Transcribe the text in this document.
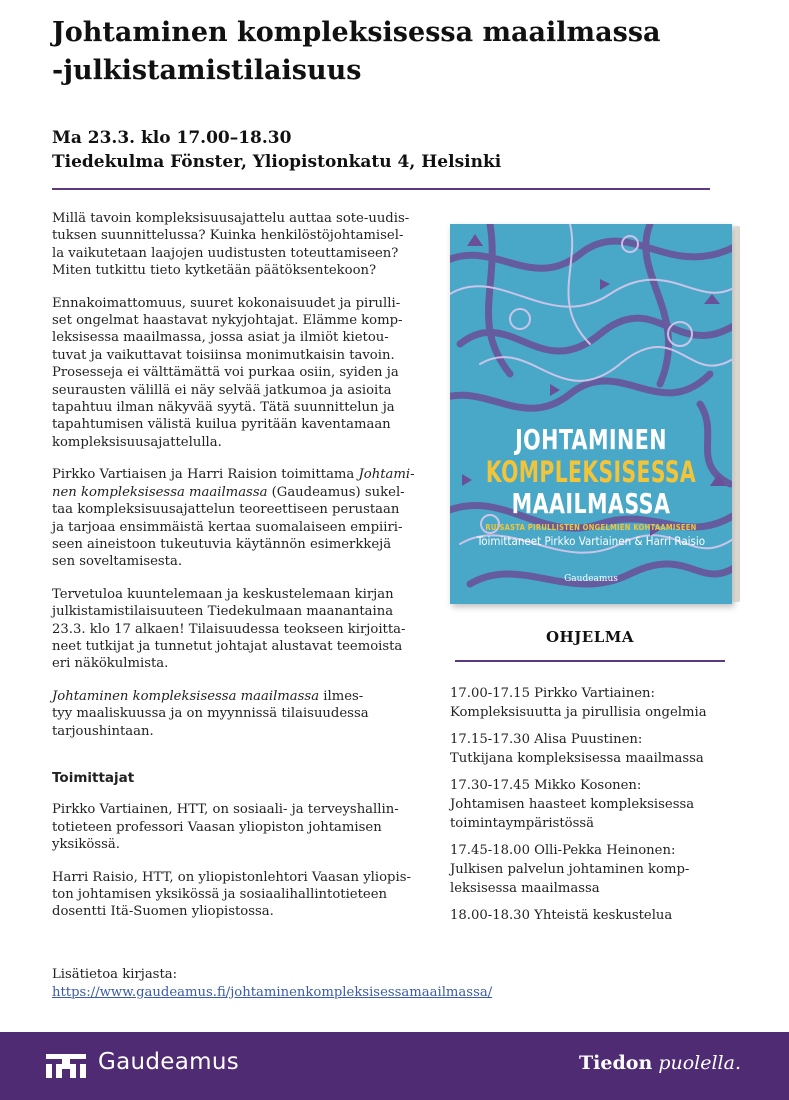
Johtaminen kompleksisessa maailmassa
-julkistamistilaisuus
Ma 23.3. klo 17.00–18.30
Tiedekulma Fönster, Yliopistonkatu 4, Helsinki

Millä tavoin kompleksisuusajattelu auttaa sote-uudis-
tuksen suunnittelussa? Kuinka henkilöstöjohtamisel-
la vaikutetaan laajojen uudistusten toteuttamiseen?
Miten tutkittu tieto kytketään päätöksentekoon?

Ennakoimattomuus, suuret kokonaisuudet ja pirulli-
set ongelmat haastavat nykyjohtajat. Elämme komp-
leksisessa maailmassa, jossa asiat ja ilmiöt kietou-
tuvat ja vaikuttavat toisiinsa monimutkaisin tavoin.
Prosesseja ei välttämättä voi purkaa osiin, syiden ja
seurausten välillä ei näy selvää jatkumoa ja asioita
tapahtuu ilman näkyvää syytä. Tätä suunnittelun ja
tapahtumisen välistä kuilua pyritään kaventamaan
kompleksisuusajattelulla.

Pirkko Vartiaisen ja Harri Raision toimittama Johtami-
nen kompleksisessa maailmassa (Gaudeamus) sukel-
taa kompleksisuusajattelun teoreettiseen perustaan
ja tarjoaa ensimmäistä kertaa suomalaiseen empiiri-
seen aineistoon tukeutuvia käytännön esimerkkejä
sen soveltamisesta.

Tervetuloa kuuntelemaan ja keskustelemaan kirjan
julkistamistilaisuuteen Tiedekulmaan maanantaina
23.3. klo 17 alkaen! Tilaisuudessa teokseen kirjoitta-
neet tutkijat ja tunnetut johtajat alustavat teemoista
eri näkökulmista.

Johtaminen kompleksisessa maailmassa ilmes-
tyy maaliskuussa ja on myynnissä tilaisuudessa
tarjoushintaan.

Toimittajat

Pirkko Vartiainen, HTT, on sosiaali- ja terveyshallin-
totieteen professori Vaasan yliopiston johtamisen
yksikössä.

Harri Raisio, HTT, on yliopistonlehtori Vaasan yliopis-
ton johtamisen yksikössä ja sosiaalihallintotieteen
dosentti Itä-Suomen yliopistossa.

Lisätietoa kirjasta:
https://www.gaudeamus.fi/johtaminenkompleksisessamaailmassa/
JOHTAMINEN
KOMPLEKSISESSA
MAAILMASSA
RUISASTA PIRULLISTEN ONGELMIEN KOHTAAMISEEN
Toimittaneet Pirkko Vartiainen & Harri Raisio
Gaudeamus
OHJELMA
17.00-17.15 Pirkko Vartiainen:
Kompleksisuutta ja pirullisia ongelmia
17.15-17.30 Alisa Puustinen:
Tutkijana kompleksisessa maailmassa
17.30-17.45 Mikko Kosonen:
Johtamisen haasteet kompleksisessa
toimintaympäristössä
17.45-18.00 Olli-Pekka Heinonen:
Julkisen palvelun johtaminen komp-
leksisessa maailmassa
18.00-18.30 Yhteistä keskustelua
Gaudeamus	Tiedon puolella.
